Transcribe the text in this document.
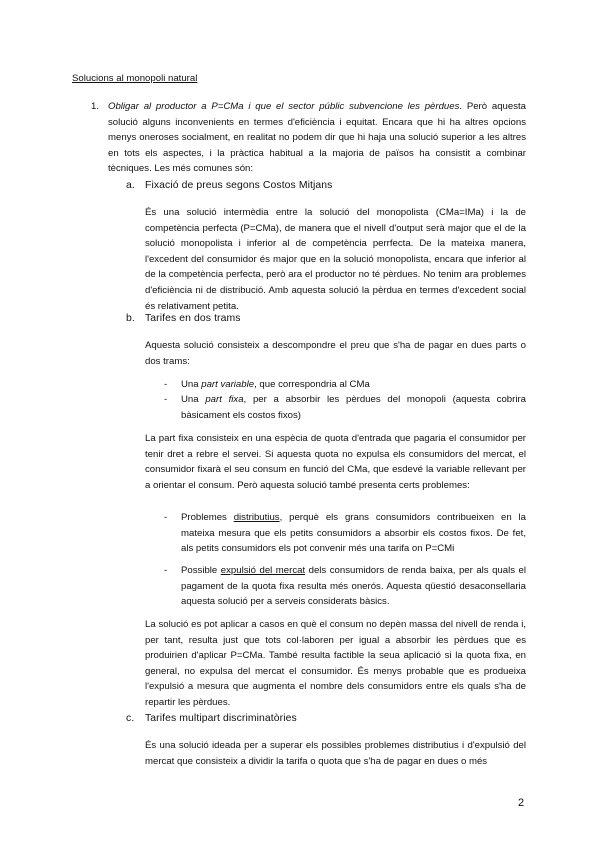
Solucions al monopoli natural
1. Obligar al productor a P=CMa i que el sector públic subvencione les pèrdues. Però aquesta solució alguns inconvenients en termes d'eficiència i equitat. Encara que hi ha altres opcions menys oneroses socialment, en realitat no podem dir que hi haja una solució superior a les altres en tots els aspectes, i la pràctica habitual a la majoria de països ha consistit a combinar tècniques. Les més comunes són:
a. Fixació de preus segons Costos Mitjans
És una solució intermèdia entre la solució del monopolista (CMa=IMa) i la de competència perfecta (P=CMa), de manera que el nivell d'output serà major que el de la solució monopolista i inferior al de competència perrfecta. De la mateixa manera, l'excedent del consumidor és major que en la solució monopolista, encara que inferior al de la competència perfecta, però ara el productor no té pèrdues. No tenim ara problemes d'eficiència ni de distribució. Amb aquesta solució la pèrdua en termes d'excedent social és relativament petita.
b. Tarifes en dos trams
Aquesta solució consisteix a descompondre el preu que s'ha de pagar en dues parts o dos trams:
- Una part variable, que correspondria al CMa
- Una part fixa, per a absorbir les pèrdues del monopoli (aquesta cobrira bàsicament els costos fixos)
La part fixa consisteix en una espècia de quota d'entrada que pagaria el consumidor per tenir dret a rebre el servei. Si aquesta quota no expulsa els consumidors del mercat, el consumidor fixarà el seu consum en funció del CMa, que esdevé la variable rellevant per a orientar el consum. Però aquesta solució també presenta certs problemes:
- Problemes distributius, perquè els grans consumidors contribueixen en la mateixa mesura que els petits consumidors a absorbir els costos fixos. De fet, als petits consumidors els pot convenir més una tarifa on P=CMi
- Possible expulsió del mercat dels consumidors de renda baixa, per als quals el pagament de la quota fixa resulta més onerós. Aquesta qüestió desaconsellaria aquesta solució per a serveis considerats bàsics.
La solució es pot aplicar a casos en què el consum no depèn massa del nivell de renda i, per tant, resulta just que tots col·laboren per igual a absorbir les pèrdues que es produirien d'aplicar P=CMa. També resulta factible la seua aplicació si la quota fixa, en general, no expulsa del mercat el consumidor. És menys probable que es produeixa l'expulsió a mesura que augmenta el nombre dels consumidors entre els quals s'ha de repartir les pèrdues.
c. Tarifes multipart discriminatòries
És una solució ideada per a superar els possibles problemes distributius i d'expulsió del mercat que consisteix a dividir la tarifa o quota que s'ha de pagar en dues o més
2
